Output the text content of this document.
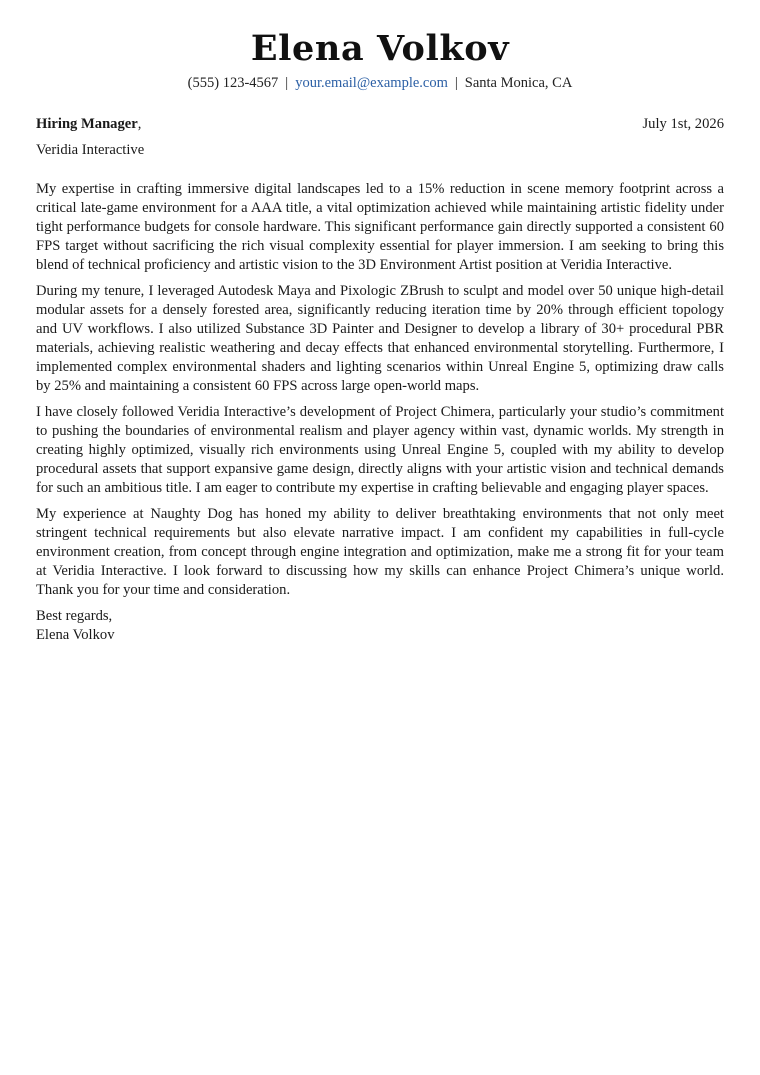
Elena Volkov
(555) 123-4567 | your.email@example.com | Santa Monica, CA
Hiring Manager,	July 1st, 2026
Veridia Interactive

My expertise in crafting immersive digital landscapes led to a 15% reduction in scene memory footprint across a critical late-game environment for a AAA title, a vital optimization achieved while maintaining artistic fidelity under tight performance budgets for console hardware. This significant performance gain directly supported a consistent 60 FPS target without sacrificing the rich visual complexity essential for player immersion. I am seeking to bring this blend of technical proficiency and artistic vision to the 3D Environment Artist position at Veridia Interactive.

During my tenure, I leveraged Autodesk Maya and Pixologic ZBrush to sculpt and model over 50 unique high-detail modular assets for a densely forested area, significantly reducing iteration time by 20% through efficient topology and UV workflows. I also utilized Substance 3D Painter and Designer to develop a library of 30+ procedural PBR materials, achieving realistic weathering and decay effects that enhanced environmental storytelling. Furthermore, I implemented complex environmental shaders and lighting scenarios within Unreal Engine 5, optimizing draw calls by 25% and maintaining a consistent 60 FPS across large open-world maps.

I have closely followed Veridia Interactive’s development of Project Chimera, particularly your studio’s commitment to pushing the boundaries of environmental realism and player agency within vast, dynamic worlds. My strength in creating highly optimized, visually rich environments using Unreal Engine 5, coupled with my ability to develop procedural assets that support expansive game design, directly aligns with your artistic vision and technical demands for such an ambitious title. I am eager to contribute my expertise in crafting believable and engaging player spaces.

My experience at Naughty Dog has honed my ability to deliver breathtaking environments that not only meet stringent technical requirements but also elevate narrative impact. I am confident my capabilities in full-cycle environment creation, from concept through engine integration and optimization, make me a strong fit for your team at Veridia Interactive. I look forward to discussing how my skills can enhance Project Chimera’s unique world. Thank you for your time and consideration.

Best regards,
Elena Volkov
